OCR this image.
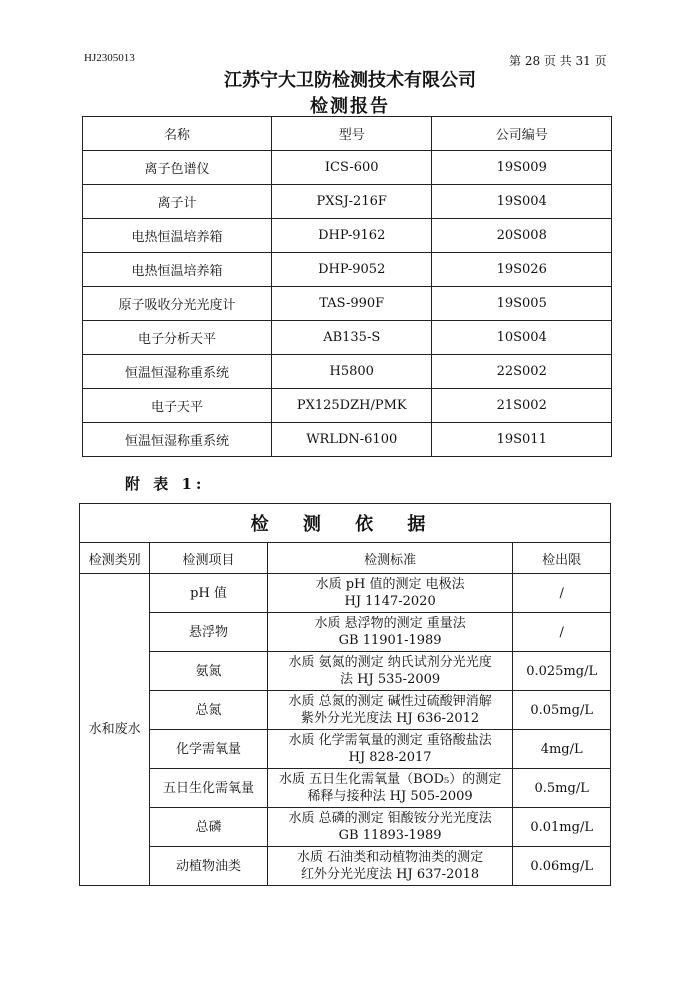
HJ2305013	第 28 页 共 31 页
江苏宁大卫防检测技术有限公司
检测报告
名称	型号	公司编号
离子色谱仪	ICS-600	19S009
离子计	PXSJ-216F	19S004
电热恒温培养箱	DHP-9162	20S008
电热恒温培养箱	DHP-9052	19S026
原子吸收分光光度计	TAS-990F	19S005
电子分析天平	AB135-S	10S004
恒温恒湿称重系统	H5800	22S002
电子天平	PX125DZH/PMK	21S002
恒温恒湿称重系统	WRLDN-6100	19S011
附 表 1:
检 测 依 据			
检测类别	检测项目	检测标准	检出限
水和废水	pH 值	水质 pH 值的测定 电极法
HJ 1147-2020	/
	悬浮物	水质 悬浮物的测定 重量法
GB 11901-1989	/
	氨氮	水质 氨氮的测定 纳氏试剂分光光度
法 HJ 535-2009	0.025mg/L
	总氮	水质 总氮的测定 碱性过硫酸钾消解
紫外分光光度法 HJ 636-2012	0.05mg/L
	化学需氧量	水质 化学需氧量的测定 重铬酸盐法
HJ 828-2017	4mg/L
	五日生化需氧量	水质 五日生化需氧量（BOD₅）的测定
稀释与接种法 HJ 505-2009	0.5mg/L
	总磷	水质 总磷的测定 钼酸铵分光光度法
GB 11893-1989	0.01mg/L
	动植物油类	水质 石油类和动植物油类的测定
红外分光光度法 HJ 637-2018	0.06mg/L
